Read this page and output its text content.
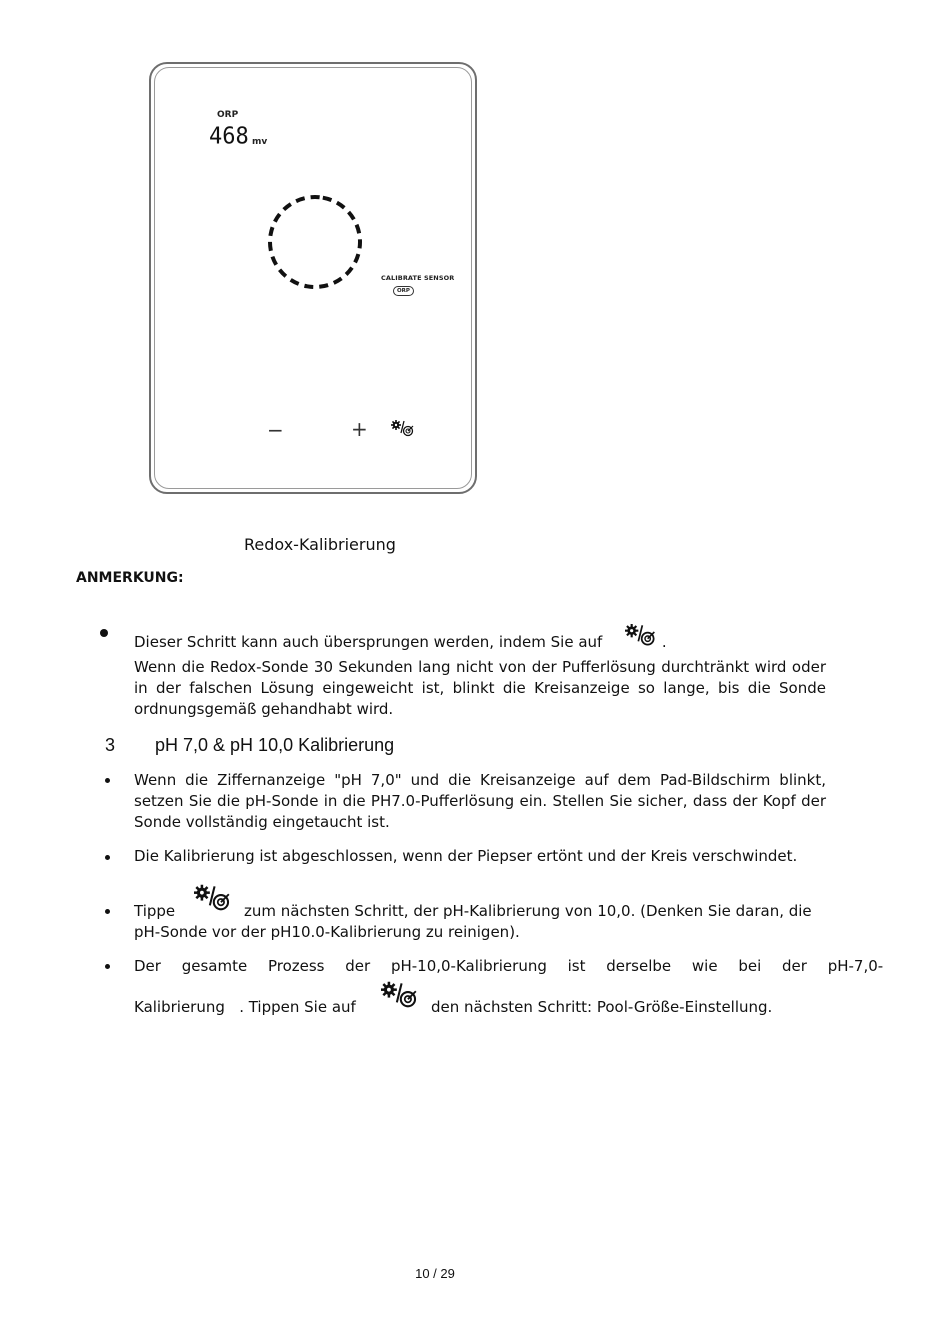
ORP
468 mv
CALIBRATE SENSOR
ORP
−	+
Redox-Kalibrierung
ANMERKUNG:
Dieser Schritt kann auch übersprungen werden, indem Sie auf	.
Wenn die Redox-Sonde 30 Sekunden lang nicht von der Pufferlösung durchtränkt wird oder in der falschen Lösung eingeweicht ist, blinkt die Kreisanzeige so lange, bis die Sonde ordnungsgemäß gehandhabt wird.
3 pH 7,0 & pH 10,0 Kalibrierung
Wenn die Ziffernanzeige "pH 7,0" und die Kreisanzeige auf dem Pad-Bildschirm blinkt, setzen Sie die pH-Sonde in die PH7.0-Pufferlösung ein. Stellen Sie sicher, dass der Kopf der Sonde vollständig eingetaucht ist.
Die Kalibrierung ist abgeschlossen, wenn der Piepser ertönt und der Kreis verschwindet.
Tippe	zum nächsten Schritt, der pH-Kalibrierung von 10,0. (Denken Sie daran, die
pH-Sonde vor der pH10.0-Kalibrierung zu reinigen).
Der gesamte Prozess der pH-10,0-Kalibrierung ist derselbe wie bei der pH-7,0-
Kalibrierung   . Tippen Sie auf	den nächsten Schritt: Pool-Größe-Einstellung.
10 / 29
